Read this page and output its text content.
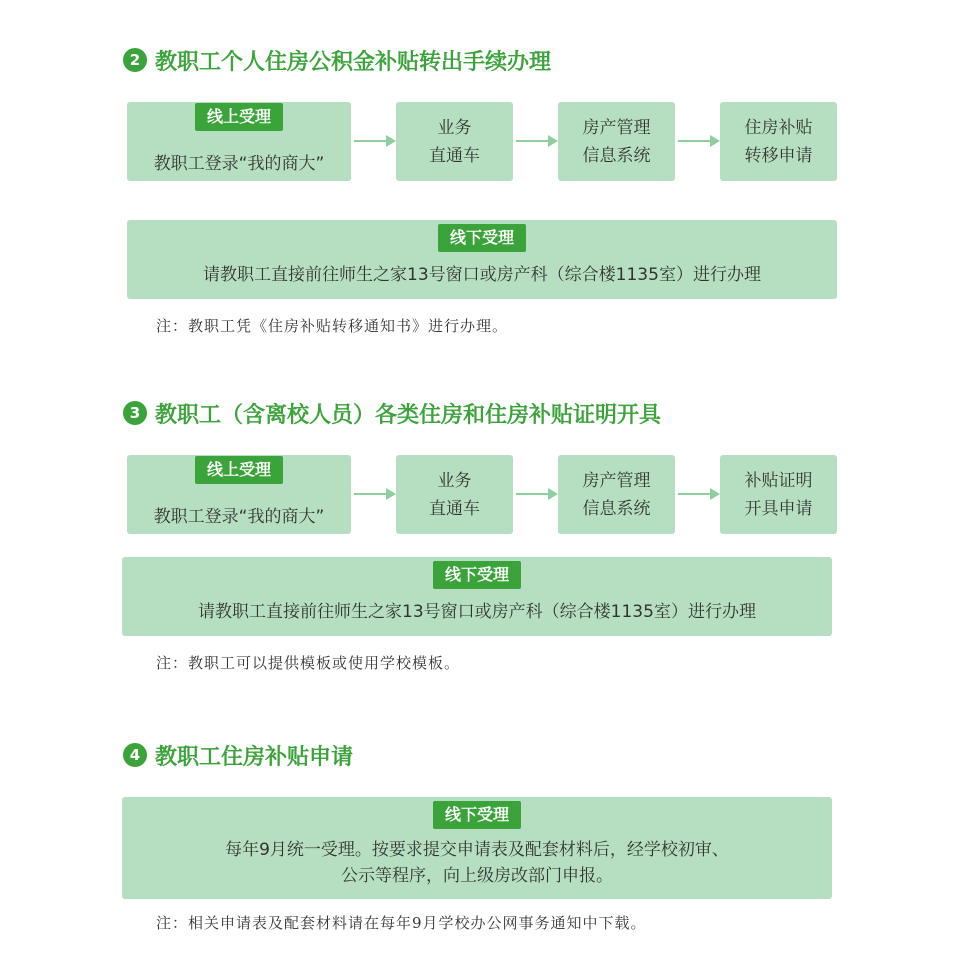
2 教职工个人住房公积金补贴转出手续办理
线上受理
教职工登录“我的商大”
业务
直通车
房产管理
信息系统
住房补贴
转移申请
线下受理
请教职工直接前往师生之家13号窗口或房产科（综合楼1135室）进行办理
注：教职工凭《住房补贴转移通知书》进行办理。
3 教职工（含离校人员）各类住房和住房补贴证明开具
线上受理
教职工登录“我的商大”
业务
直通车
房产管理
信息系统
补贴证明
开具申请
线下受理
请教职工直接前往师生之家13号窗口或房产科（综合楼1135室）进行办理
注：教职工可以提供模板或使用学校模板。
4 教职工住房补贴申请
线下受理
每年9月统一受理。按要求提交申请表及配套材料后，经学校初审、
公示等程序，向上级房改部门申报。
注：相关申请表及配套材料请在每年9月学校办公网事务通知中下载。
